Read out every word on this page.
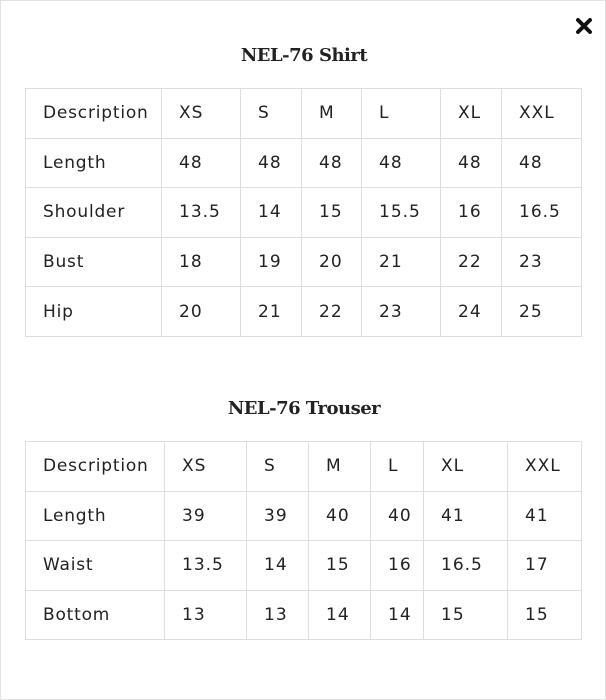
NEL-76 Shirt
Description	XS	S	M	L	XL	XXL
Length	48	48	48	48	48	48
Shoulder	13.5	14	15	15.5	16	16.5
Bust	18	19	20	21	22	23
Hip	20	21	22	23	24	25
NEL-76 Trouser
Description	XS	S	M	L	XL	XXL
Length	39	39	40	40	41	41
Waist	13.5	14	15	16	16.5	17
Bottom	13	13	14	14	15	15
